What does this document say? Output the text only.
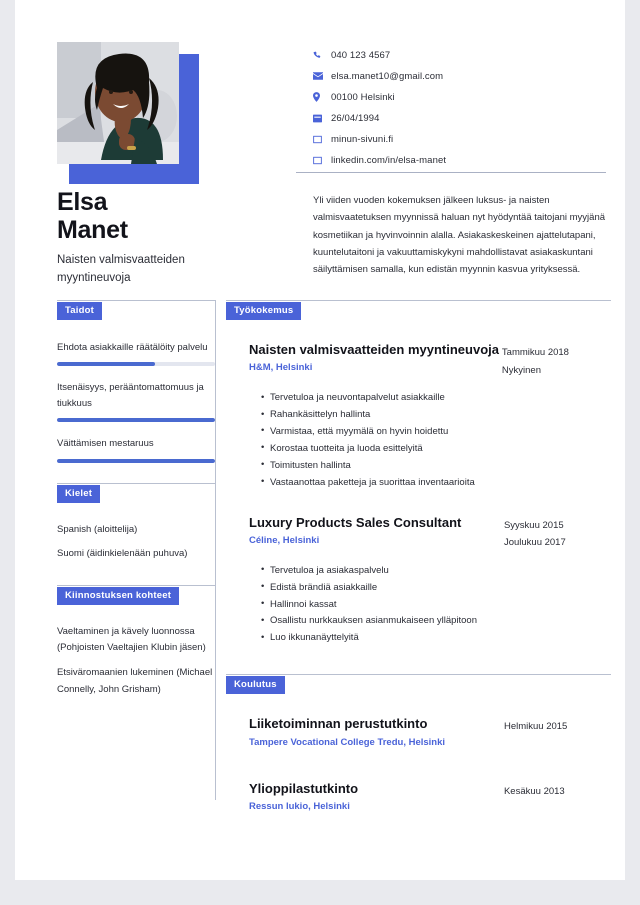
Elsa
Manet
Naisten valmisvaatteiden myyntineuvoja
040 123 4567
elsa.manet10@gmail.com
00100 Helsinki
26/04/1994
minun-sivuni.fi
linkedin.com/in/elsa-manet
Yli viiden vuoden kokemuksen jälkeen luksus- ja naisten valmisvaatetuksen myynnissä haluan nyt hyödyntää taitojani myyjänä kosmetiikan ja hyvinvoinnin alalla. Asiakaskeskeinen ajattelutapani, kuuntelutaitoni ja vakuuttamiskykyni mahdollistavat asiakaskuntani säilyttämisen samalla, kun edistän myynnin kasvua yrityksessä.
Taidot
Ehdota asiakkaille räätälöity palvelu
Itsenäisyys, perääntomattomuus ja tiukkuus
Väittämisen mestaruus
Kielet
Spanish (aloittelija)
Suomi (äidinkielenään puhuva)
Kiinnostuksen kohteet
Vaeltaminen ja kävely luonnossa (Pohjoisten Vaeltajien Klubin jäsen)
Etsiväromaanien lukeminen (Michael Connelly, John Grisham)
Työkokemus
Naisten valmisvaatteiden myyntineuvoja
H&M, Helsinki
Tammikuu 2018
Nykyinen
• Tervetuloa ja neuvontapalvelut asiakkaille
• Rahankäsittelyn hallinta
• Varmistaa, että myymälä on hyvin hoidettu
• Korostaa tuotteita ja luoda esittelyitä
• Toimitusten hallinta
• Vastaanottaa paketteja ja suorittaa inventaarioita
Luxury Products Sales Consultant
Céline, Helsinki
Syyskuu 2015
Joulukuu 2017
• Tervetuloa ja asiakaspalvelu
• Edistä brändiä asiakkaille
• Hallinnoi kassat
• Osallistu nurkkauksen asianmukaiseen ylläpitoon
• Luo ikkunanäyttelyitä
Koulutus
Liiketoiminnan perustutkinto
Tampere Vocational College Tredu, Helsinki
Helmikuu 2015
Ylioppilastutkinto
Ressun lukio, Helsinki
Kesäkuu 2013
